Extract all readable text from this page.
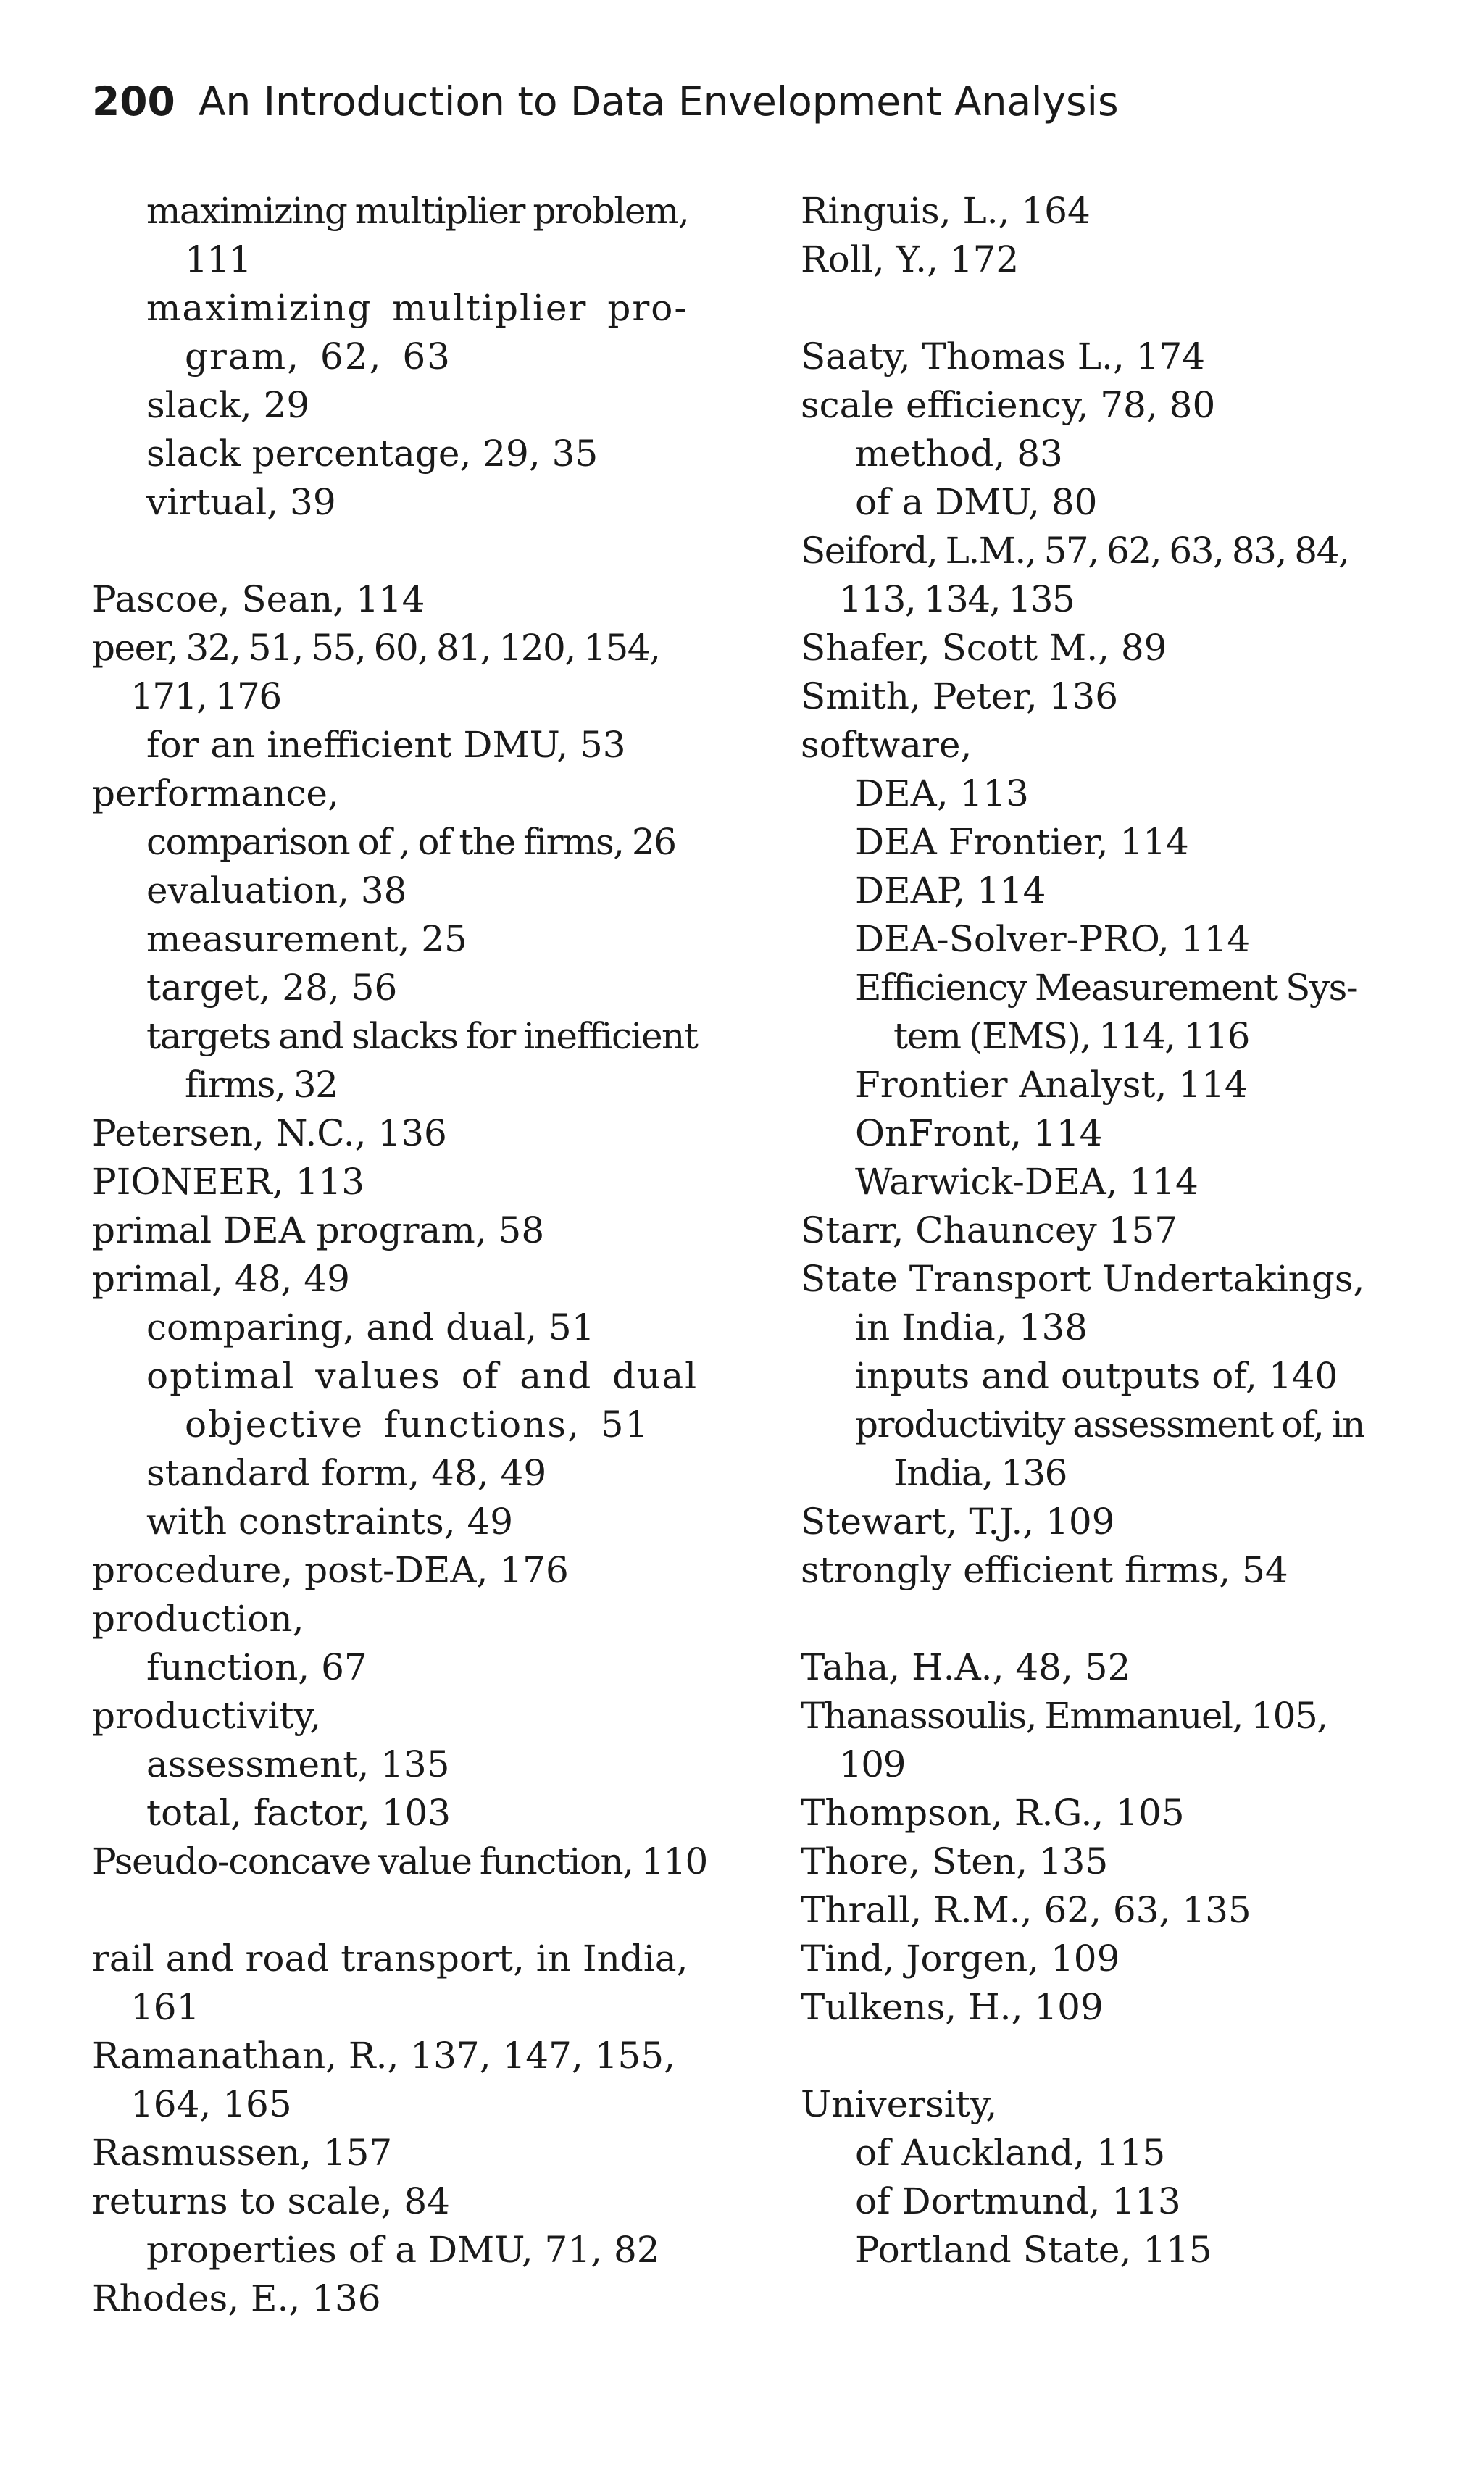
200 An Introduction to Data Envelopment Analysis
maximizing multiplier problem,
111
maximizing multiplier pro-
gram, 62, 63
slack, 29
slack percentage, 29, 35
virtual, 39
Pascoe, Sean, 114
peer, 32, 51, 55, 60, 81, 120, 154,
171, 176
for an inefficient DMU, 53
performance,
comparison of , of the firms, 26
evaluation, 38
measurement, 25
target, 28, 56
targets and slacks for inefficient
firms, 32
Petersen, N.C., 136
PIONEER, 113
primal DEA program, 58
primal, 48, 49
comparing, and dual, 51
optimal values of and dual
objective functions, 51
standard form, 48, 49
with constraints, 49
procedure, post-DEA, 176
production,
function, 67
productivity,
assessment, 135
total, factor, 103
Pseudo-concave value function, 110
rail and road transport, in India,
161
Ramanathan, R., 137, 147, 155,
164, 165
Rasmussen, 157
returns to scale, 84
properties of a DMU, 71, 82
Rhodes, E., 136
Ringuis, L., 164
Roll, Y., 172
Saaty, Thomas L., 174
scale efficiency, 78, 80
method, 83
of a DMU, 80
Seiford, L.M., 57, 62, 63, 83, 84,
113, 134, 135
Shafer, Scott M., 89
Smith, Peter, 136
software,
DEA, 113
DEA Frontier, 114
DEAP, 114
DEA-Solver-PRO, 114
Efficiency Measurement Sys-
tem (EMS), 114, 116
Frontier Analyst, 114
OnFront, 114
Warwick-DEA, 114
Starr, Chauncey 157
State Transport Undertakings,
in India, 138
inputs and outputs of, 140
productivity assessment of, in
India, 136
Stewart, T.J., 109
strongly efficient firms, 54
Taha, H.A., 48, 52
Thanassoulis, Emmanuel, 105,
109
Thompson, R.G., 105
Thore, Sten, 135
Thrall, R.M., 62, 63, 135
Tind, Jorgen, 109
Tulkens, H., 109
University,
of Auckland, 115
of Dortmund, 113
Portland State, 115
